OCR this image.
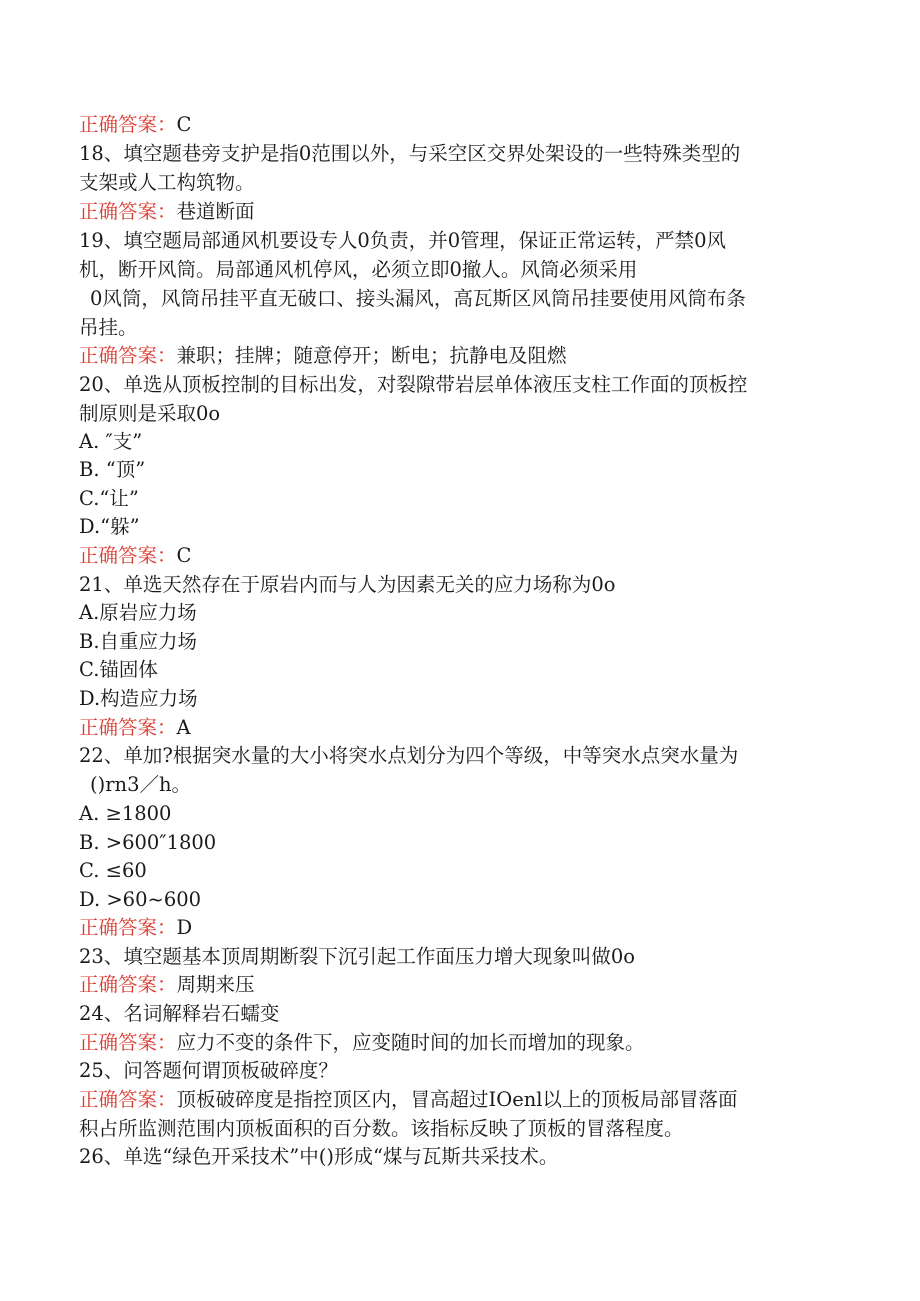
正确答案：C
18、填空题巷旁支护是指0范围以外，与采空区交界处架设的一些特殊类型的
支架或人工构筑物。
正确答案：巷道断面
19、填空题局部通风机要设专人0负责，并0管理，保证正常运转，严禁0风
机，断开风筒。局部通风机停风，必须立即0撤人。风筒必须采用
0风筒，风筒吊挂平直无破口、接头漏风，高瓦斯区风筒吊挂要使用风筒布条
吊挂。
正确答案：兼职；挂牌；随意停开；断电；抗静电及阻燃
20、单选从顶板控制的目标出发，对裂隙带岩层单体液压支柱工作面的顶板控
制原则是采取0o
A. ″支”
B. “顶”
C.“让”
D.“躲”
正确答案：C
21、单选天然存在于原岩内而与人为因素无关的应力场称为0o
A.原岩应力场
B.自重应力场
C.锚固体
D.构造应力场
正确答案：A
22、单加?根据突水量的大小将突水点划分为四个等级，中等突水点突水量为
()rn3／h。
A. ≥1800
B. >600″1800
C. ≤60
D. >60~600
正确答案：D
23、填空题基本顶周期断裂下沉引起工作面压力增大现象叫做0o
正确答案：周期来压
24、名词解释岩石蠕变
正确答案：应力不变的条件下，应变随时间的加长而增加的现象。
25、问答题何谓顶板破碎度？
正确答案：顶板破碎度是指控顶区内，冒高超过IOenl以上的顶板局部冒落面
积占所监测范围内顶板面积的百分数。该指标反映了顶板的冒落程度。
26、单选“绿色开采技术”中()形成“煤与瓦斯共采技术。
